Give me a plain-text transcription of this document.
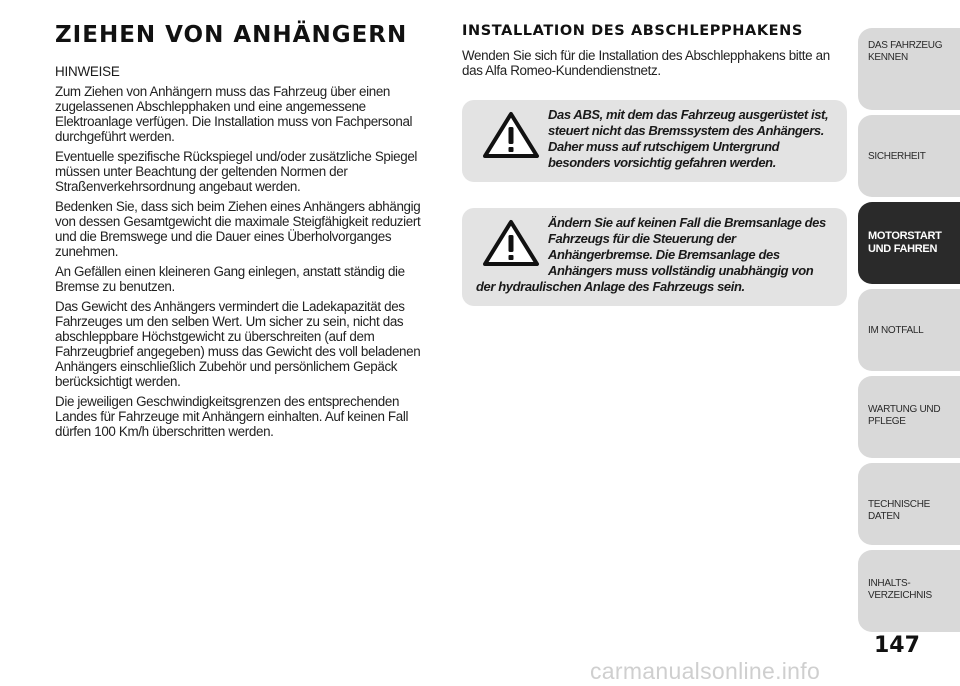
ZIEHEN VON ANHÄNGERN

HINWEISE

Zum Ziehen von Anhängern muss das Fahrzeug über einen zugelassenen Abschlepphaken und eine angemessene Elektroanlage verfügen. Die Installation muss von Fachpersonal durchgeführt werden.

Eventuelle spezifische Rückspiegel und/oder zusätzliche Spiegel müssen unter Beachtung der geltenden Normen der Straßenverkehrsordnung angebaut werden.

Bedenken Sie, dass sich beim Ziehen eines Anhängers abhängig von dessen Gesamtgewicht die maximale Steigfähigkeit reduziert und die Bremswege und die Dauer eines Überholvorganges zunehmen.

An Gefällen einen kleineren Gang einlegen, anstatt ständig die Bremse zu benutzen.

Das Gewicht des Anhängers vermindert die Ladekapazität des Fahrzeuges um den selben Wert. Um sicher zu sein, nicht das abschleppbare Höchstgewicht zu überschreiten (auf dem Fahrzeugbrief angegeben) muss das Gewicht des voll beladenen Anhängers einschließlich Zubehör und persönlichem Gepäck berücksichtigt werden.

Die jeweiligen Geschwindigkeitsgrenzen des entsprechenden Landes für Fahrzeuge mit Anhängern einhalten. Auf keinen Fall dürfen 100 Km/h überschritten werden.

INSTALLATION DES ABSCHLEPPHAKENS

Wenden Sie sich für die Installation des Abschlepphakens bitte an das Alfa Romeo-Kundendienstnetz.

Das ABS, mit dem das Fahrzeug ausgerüstet ist, steuert nicht das Bremssystem des Anhängers. Daher muss auf rutschigem Untergrund besonders vorsichtig gefahren werden.

Ändern Sie auf keinen Fall die Bremsanlage des Fahrzeugs für die Steuerung der Anhängerbremse. Die Bremsanlage des Anhängers muss vollständig unabhängig von der hydraulischen Anlage des Fahrzeugs sein.

DAS FAHRZEUG
KENNEN
SICHERHEIT
MOTORSTART
UND FAHREN
IM NOTFALL
WARTUNG UND
PFLEGE
TECHNISCHE DATEN
INHALTS-
VERZEICHNIS
147
carmanualsonline.info
